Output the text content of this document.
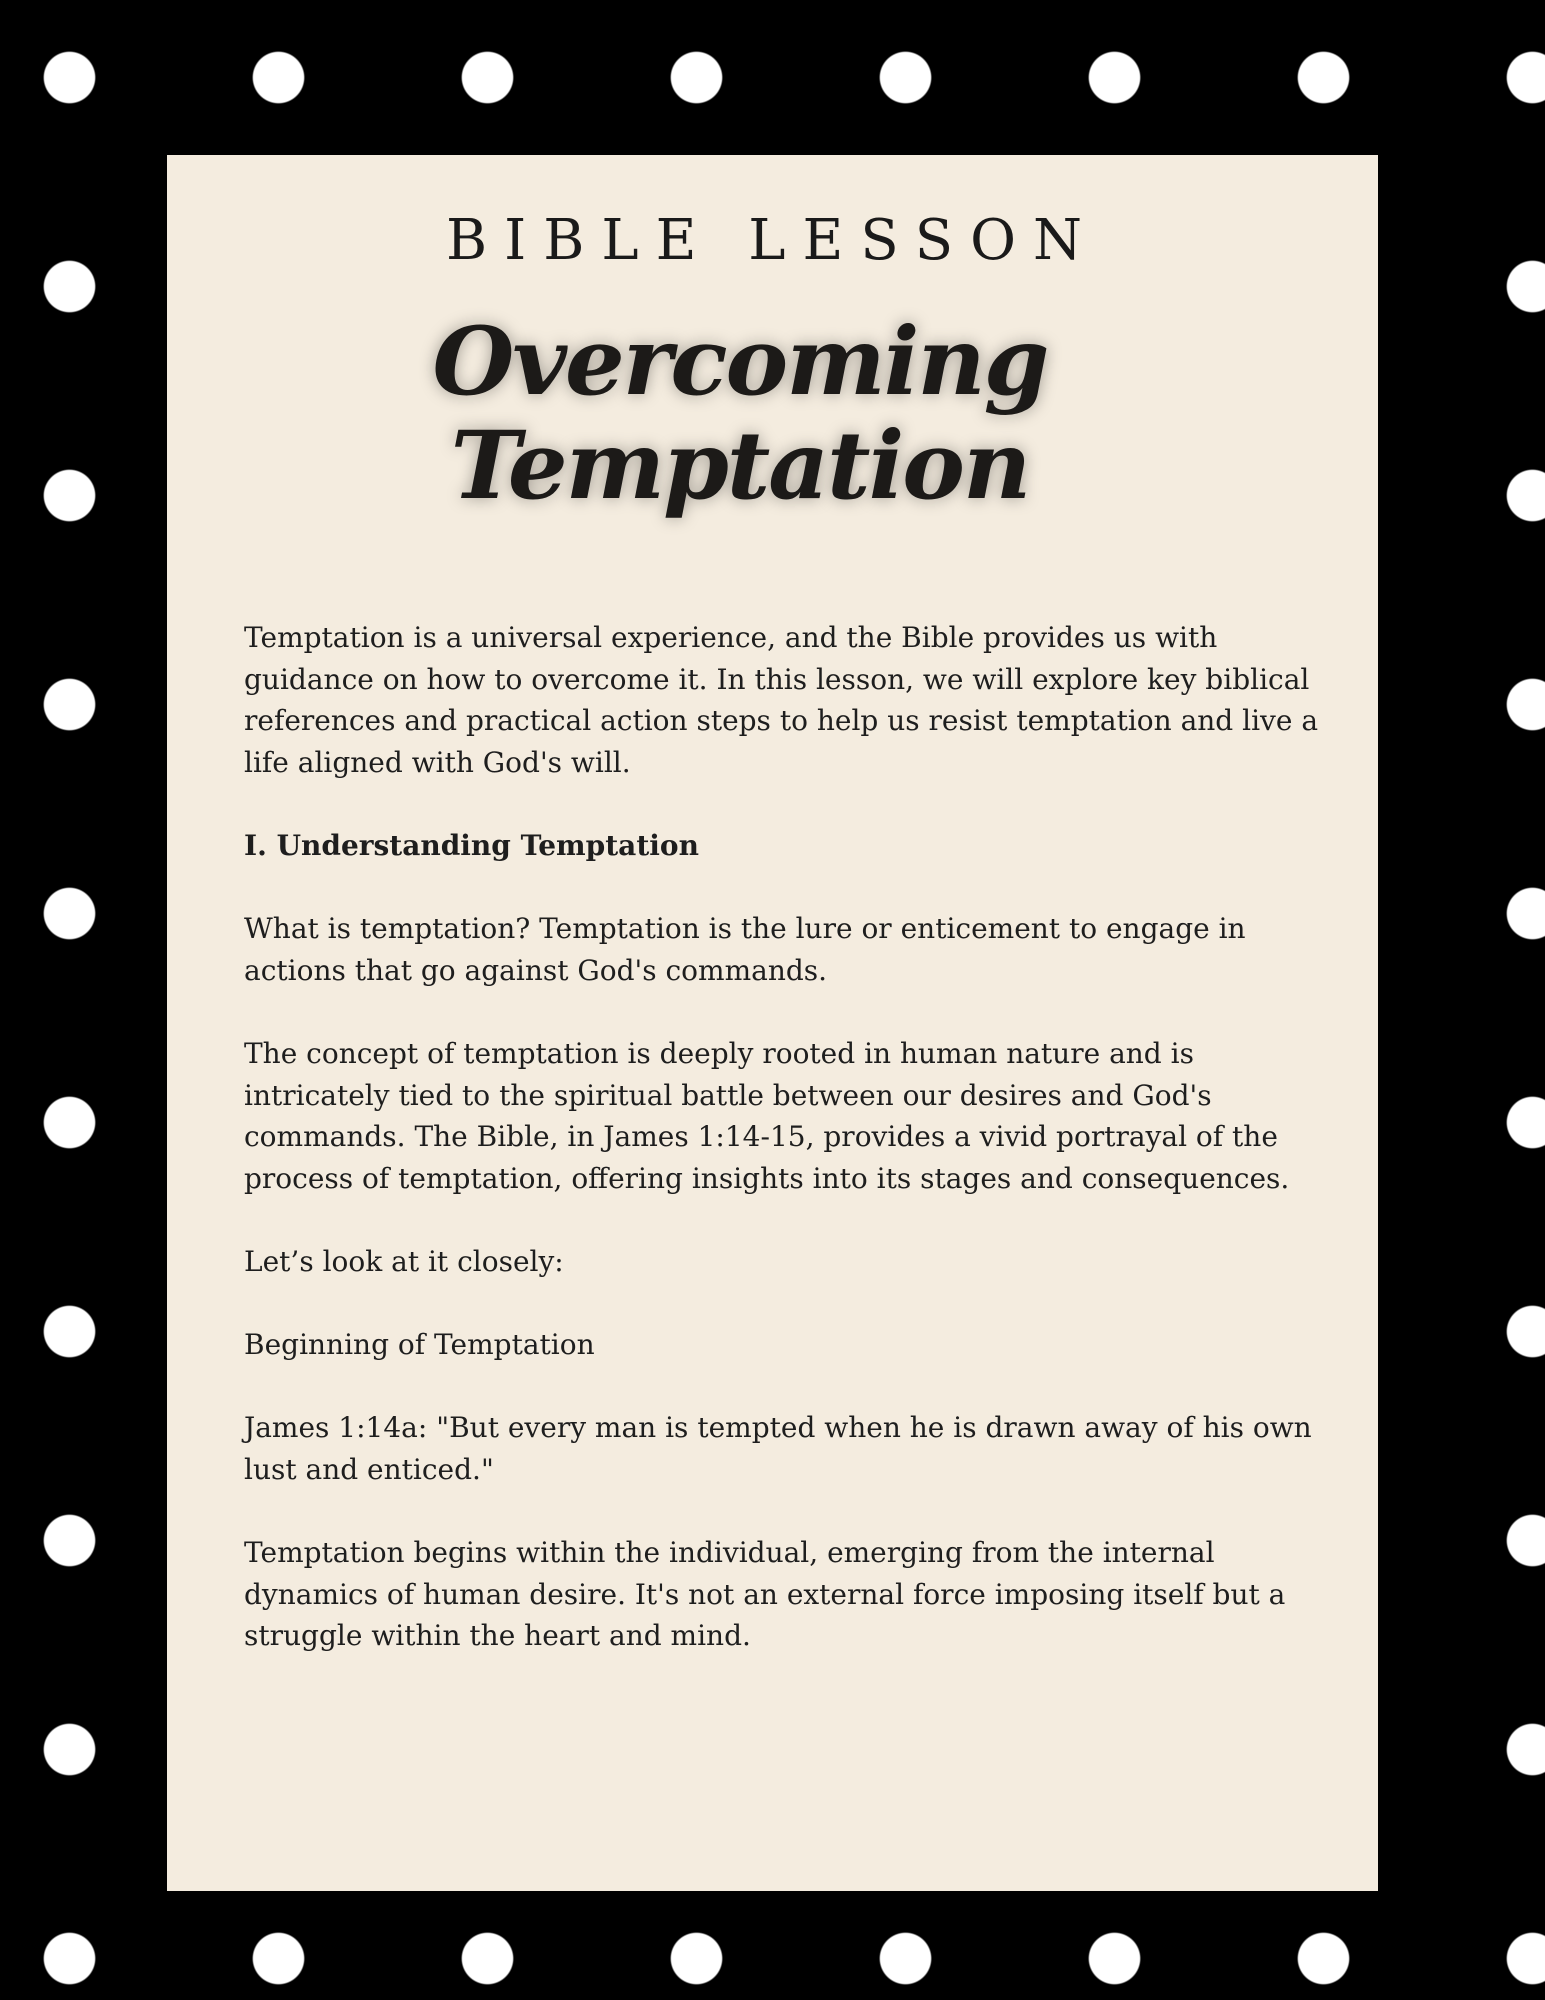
BIBLE LESSON
Overcoming
Temptation

Temptation is a universal experience, and the Bible provides us with guidance on how to overcome it. In this lesson, we will explore key biblical references and practical action steps to help us resist temptation and live a life aligned with God's will.

I. Understanding Temptation

What is temptation? Temptation is the lure or enticement to engage in actions that go against God's commands.

The concept of temptation is deeply rooted in human nature and is intricately tied to the spiritual battle between our desires and God's commands. The Bible, in James 1:14-15, provides a vivid portrayal of the process of temptation, offering insights into its stages and consequences.

Let’s look at it closely:

Beginning of Temptation

James 1:14a: "But every man is tempted when he is drawn away of his own lust and enticed."

Temptation begins within the individual, emerging from the internal dynamics of human desire. It's not an external force imposing itself but a struggle within the heart and mind.
